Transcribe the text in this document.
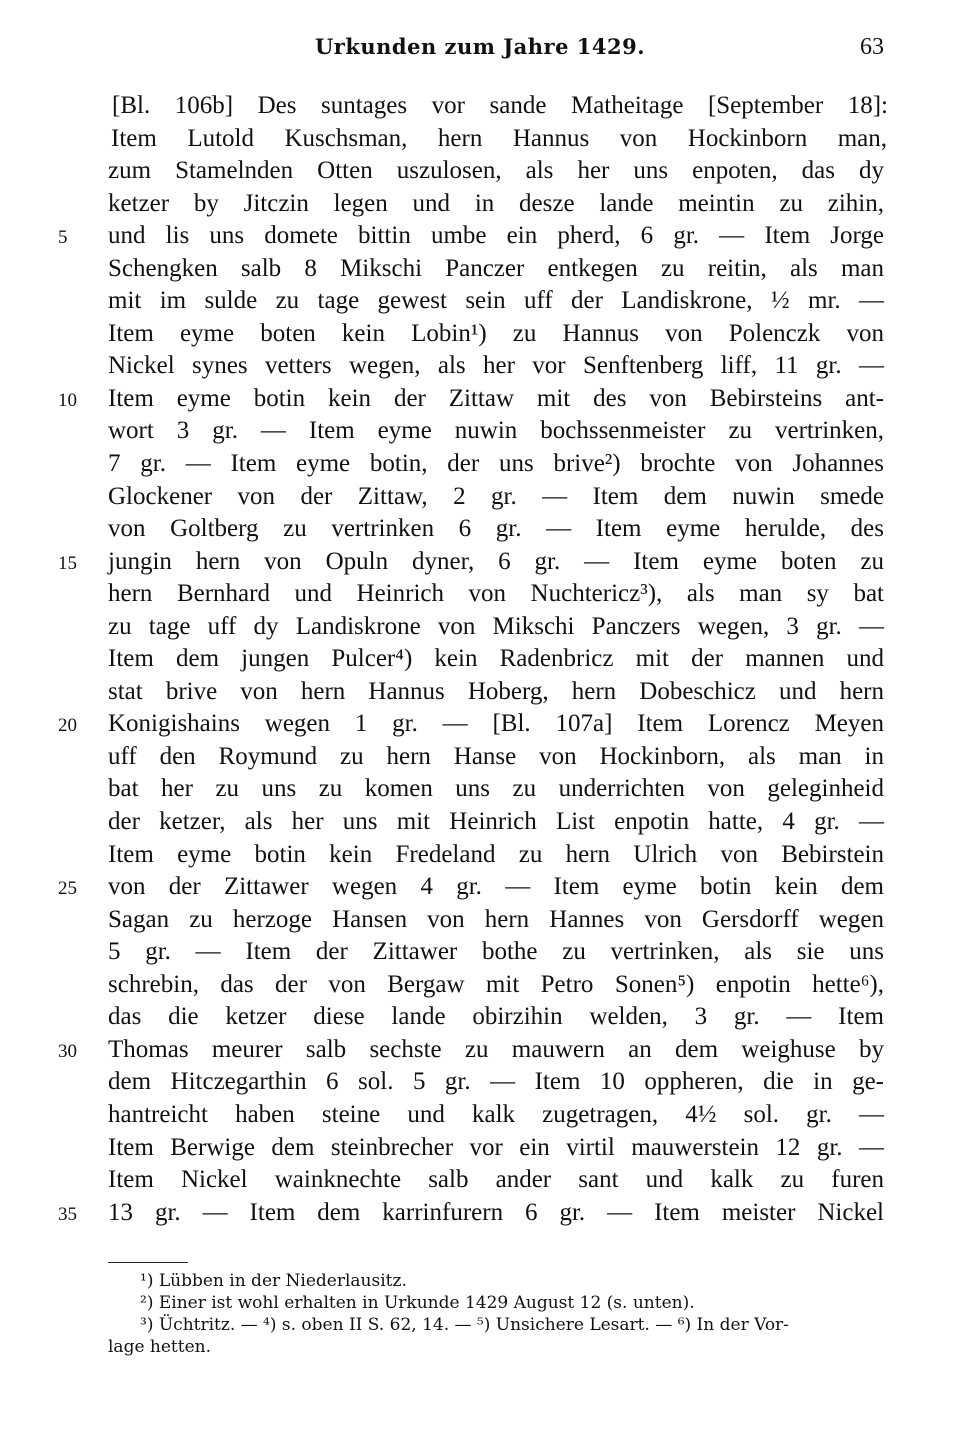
Urkunden zum Jahre 1429.	63
[Bl. 106b] Des suntages vor sande Matheitage [September 18]:
Item Lutold Kuschsman, hern Hannus von Hockinborn man,
zum Stamelnden Otten uszulosen, als her uns enpoten, das dy
ketzer by Jitczin legen und in desze lande meintin zu zihin,
5 und lis uns domete bittin umbe ein pherd, 6 gr. — Item Jorge
Schengken salb 8 Mikschi Panczer entkegen zu reitin, als man
mit im sulde zu tage gewest sein uff der Landiskrone, ½ mr. —
Item eyme boten kein Lobin¹) zu Hannus von Polenczk von
Nickel synes vetters wegen, als her vor Senftenberg liff, 11 gr. —
10 Item eyme botin kein der Zittaw mit des von Bebirsteins ant-
wort 3 gr. — Item eyme nuwin bochssenmeister zu vertrinken,
7 gr. — Item eyme botin, der uns brive²) brochte von Johannes
Glockener von der Zittaw, 2 gr. — Item dem nuwin smede
von Goltberg zu vertrinken 6 gr. — Item eyme herulde, des
15 jungin hern von Opuln dyner, 6 gr. — Item eyme boten zu
hern Bernhard und Heinrich von Nuchtericz³), als man sy bat
zu tage uff dy Landiskrone von Mikschi Panczers wegen, 3 gr. —
Item dem jungen Pulcer⁴) kein Radenbricz mit der mannen und
stat brive von hern Hannus Hoberg, hern Dobeschicz und hern
20 Konigishains wegen 1 gr. — [Bl. 107a] Item Lorencz Meyen
uff den Roymund zu hern Hanse von Hockinborn, als man in
bat her zu uns zu komen uns zu underrichten von geleginheid
der ketzer, als her uns mit Heinrich List enpotin hatte, 4 gr. —
Item eyme botin kein Fredeland zu hern Ulrich von Bebirstein
25 von der Zittawer wegen 4 gr. — Item eyme botin kein dem
Sagan zu herzoge Hansen von hern Hannes von Gersdorff wegen
5 gr. — Item der Zittawer bothe zu vertrinken, als sie uns
schrebin, das der von Bergaw mit Petro Sonen⁵) enpotin hette⁶),
das die ketzer diese lande obirzihin welden, 3 gr. — Item
30 Thomas meurer salb sechste zu mauwern an dem weighuse by
dem Hitczegarthin 6 sol. 5 gr. — Item 10 oppheren, die in ge-
hantreicht haben steine und kalk zugetragen, 4½ sol. gr. —
Item Berwige dem steinbrecher vor ein virtil mauwerstein 12 gr. —
Item Nickel wainknechte salb ander sant und kalk zu furen
35 13 gr. — Item dem karrinfurern 6 gr. — Item meister Nickel
¹) Lübben in der Niederlausitz.
²) Einer ist wohl erhalten in Urkunde 1429 August 12 (s. unten).
³) Üchtritz. — ⁴) s. oben II S. 62, 14. — ⁵) Unsichere Lesart. — ⁶) In der Vor-
lage hetten.
